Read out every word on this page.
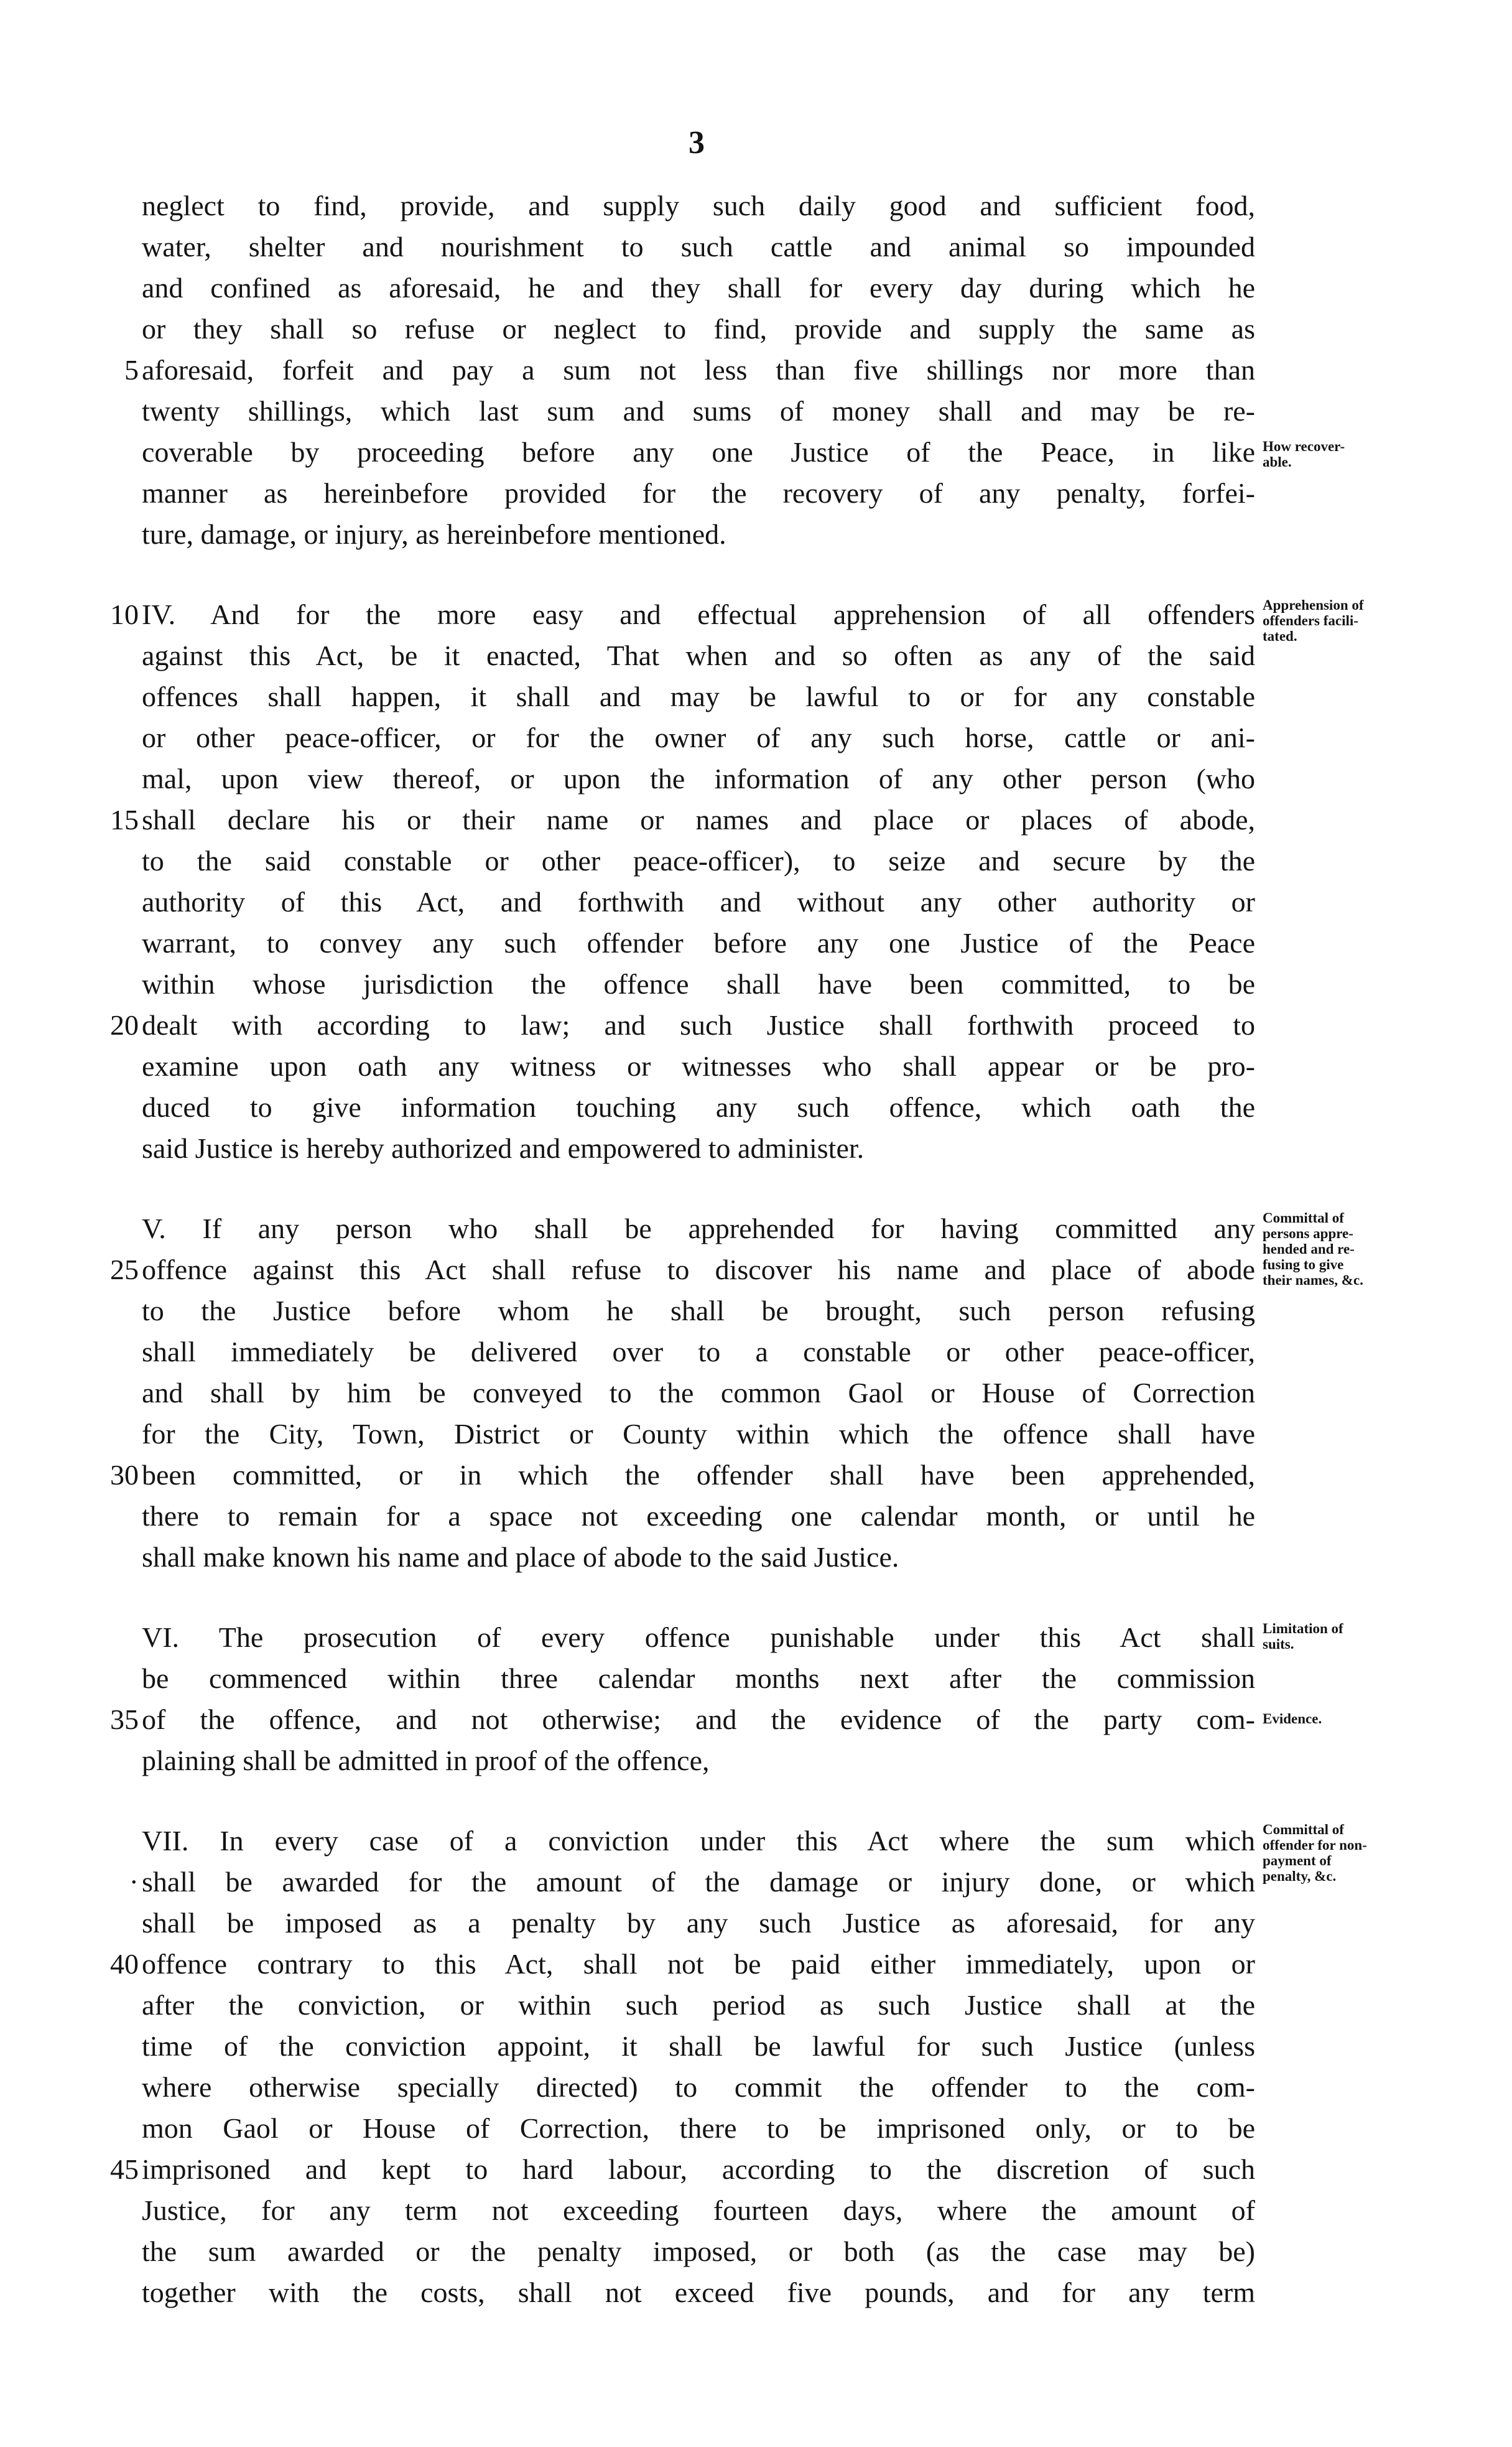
3
neglect to find, provide, and supply such daily good and sufficient food,
water, shelter and nourishment to such cattle and animal so impounded
and confined as aforesaid, he and they shall for every day during which he
or they shall so refuse or neglect to find, provide and supply the same as
aforesaid, forfeit and pay a sum not less than five shillings nor more than
twenty shillings, which last sum and sums of money shall and may be re-
coverable by proceeding before any one Justice of the Peace, in like
manner as hereinbefore provided for the recovery of any penalty, forfei-
ture, damage, or injury, as hereinbefore mentioned.
IV. And for the more easy and effectual apprehension of all offenders
against this Act, be it enacted, That when and so often as any of the said
offences shall happen, it shall and may be lawful to or for any constable
or other peace-officer, or for the owner of any such horse, cattle or ani-
mal, upon view thereof, or upon the information of any other person (who
shall declare his or their name or names and place or places of abode,
to the said constable or other peace-officer), to seize and secure by the
authority of this Act, and forthwith and without any other authority or
warrant, to convey any such offender before any one Justice of the Peace
within whose jurisdiction the offence shall have been committed, to be
dealt with according to law; and such Justice shall forthwith proceed to
examine upon oath any witness or witnesses who shall appear or be pro-
duced to give information touching any such offence, which oath the
said Justice is hereby authorized and empowered to administer.
V. If any person who shall be apprehended for having committed any
offence against this Act shall refuse to discover his name and place of abode
to the Justice before whom he shall be brought, such person refusing
shall immediately be delivered over to a constable or other peace-officer,
and shall by him be conveyed to the common Gaol or House of Correction
for the City, Town, District or County within which the offence shall have
been committed, or in which the offender shall have been apprehended,
there to remain for a space not exceeding one calendar month, or until he
shall make known his name and place of abode to the said Justice.
VI. The prosecution of every offence punishable under this Act shall
be commenced within three calendar months next after the commission
of the offence, and not otherwise; and the evidence of the party com-
plaining shall be admitted in proof of the offence,
VII. In every case of a conviction under this Act where the sum which
shall be awarded for the amount of the damage or injury done, or which
shall be imposed as a penalty by any such Justice as aforesaid, for any
offence contrary to this Act, shall not be paid either immediately, upon or
after the conviction, or within such period as such Justice shall at the
time of the conviction appoint, it shall be lawful for such Justice (unless
where otherwise specially directed) to commit the offender to the com-
mon Gaol or House of Correction, there to be imprisoned only, or to be
imprisoned and kept to hard labour, according to the discretion of such
Justice, for any term not exceeding fourteen days, where the amount of
the sum awarded or the penalty imposed, or both (as the case may be)
together with the costs, shall not exceed five pounds, and for any term
5
10
15
20
25
30
35
40
45
·
How recover-
able.
Apprehension of
offenders facili-
tated.
Committal of
persons appre-
hended and re-
fusing to give
their names, &c.
Limitation of
suits.
Evidence.
Committal of
offender for non-
payment of
penalty, &c.
